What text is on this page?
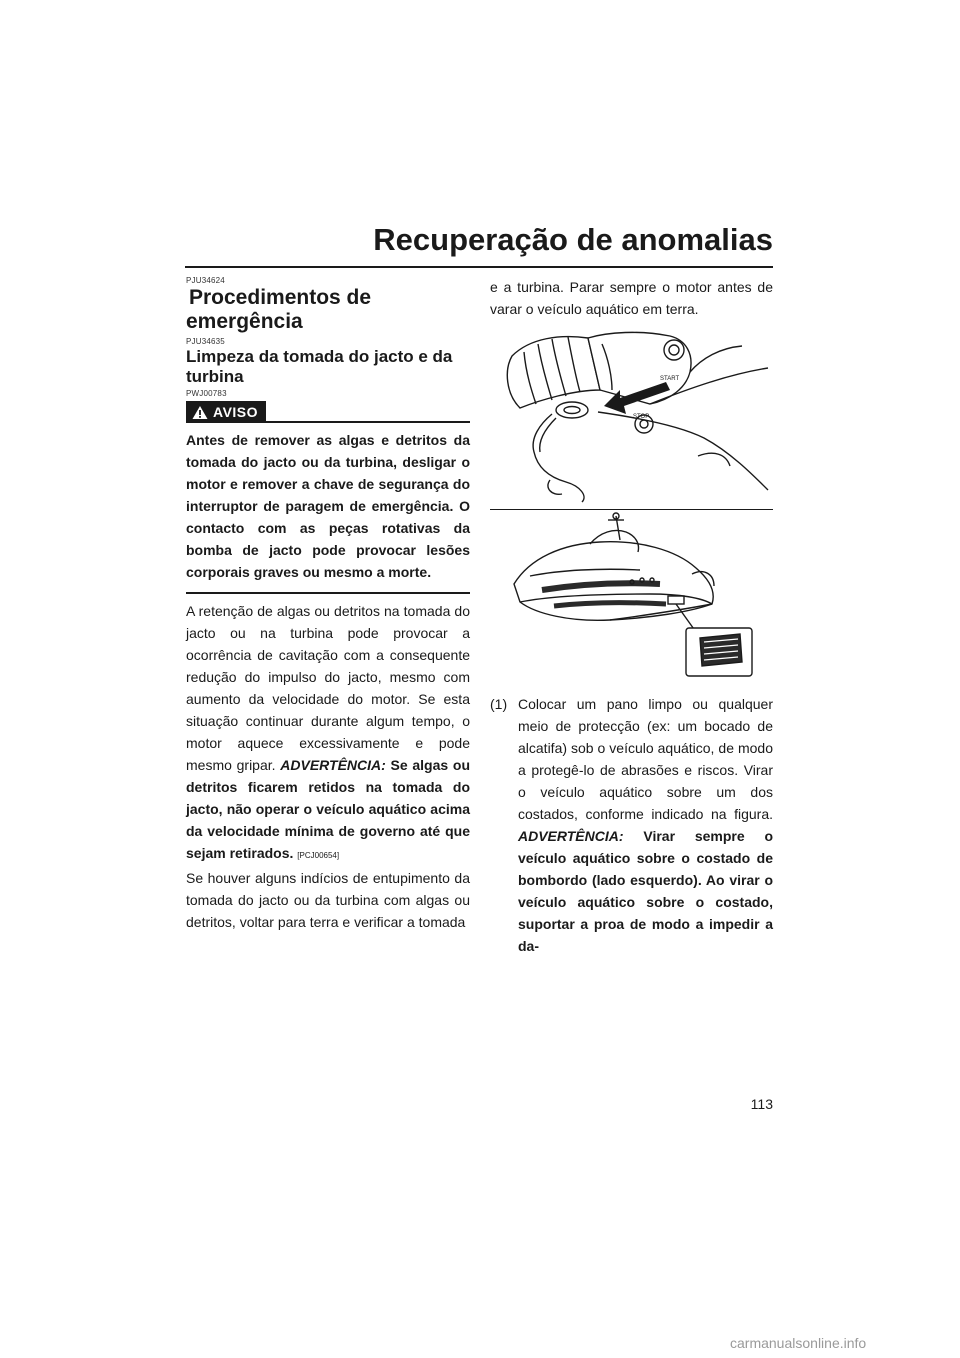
Recuperação de anomalias
PJU34624
Procedimentos de emergência
PJU34635
Limpeza da tomada do jacto e da turbina
PWJ00783
AVISO

Antes de remover as algas e detritos da tomada do jacto ou da turbina, desligar o motor e remover a chave de segurança do interruptor de paragem de emergência. O contacto com as peças rotativas da bomba de jacto pode provocar lesões corporais graves ou mesmo a morte.

A retenção de algas ou detritos na tomada do jacto ou na turbina pode provocar a ocorrência de cavitação com a consequente redução do impulso do jacto, mesmo com aumento da velocidade do motor. Se esta situação continuar durante algum tempo, o motor aquece excessivamente e pode mesmo gripar. ADVERTÊNCIA: Se algas ou detritos ficarem retidos na tomada do jacto, não operar o veículo aquático acima da velocidade mínima de governo até que sejam retirados. [PCJ00654]

Se houver alguns indícios de entupimento da tomada do jacto ou da turbina com algas ou detritos, voltar para terra e verificar a tomada

e a turbina. Parar sempre o motor antes de varar o veículo aquático em terra.

START
STOP
(1) Colocar um pano limpo ou qualquer meio de protecção (ex: um bocado de alcatifa) sob o veículo aquático, de modo a protegê-lo de abrasões e riscos. Virar o veículo aquático sobre um dos costados, conforme indicado na figura. ADVERTÊNCIA: Virar sempre o veículo aquático sobre o costado de bombordo (lado esquerdo). Ao virar o veículo aquático sobre o costado, suportar a proa de modo a impedir a da-

113
carmanualsonline.info
